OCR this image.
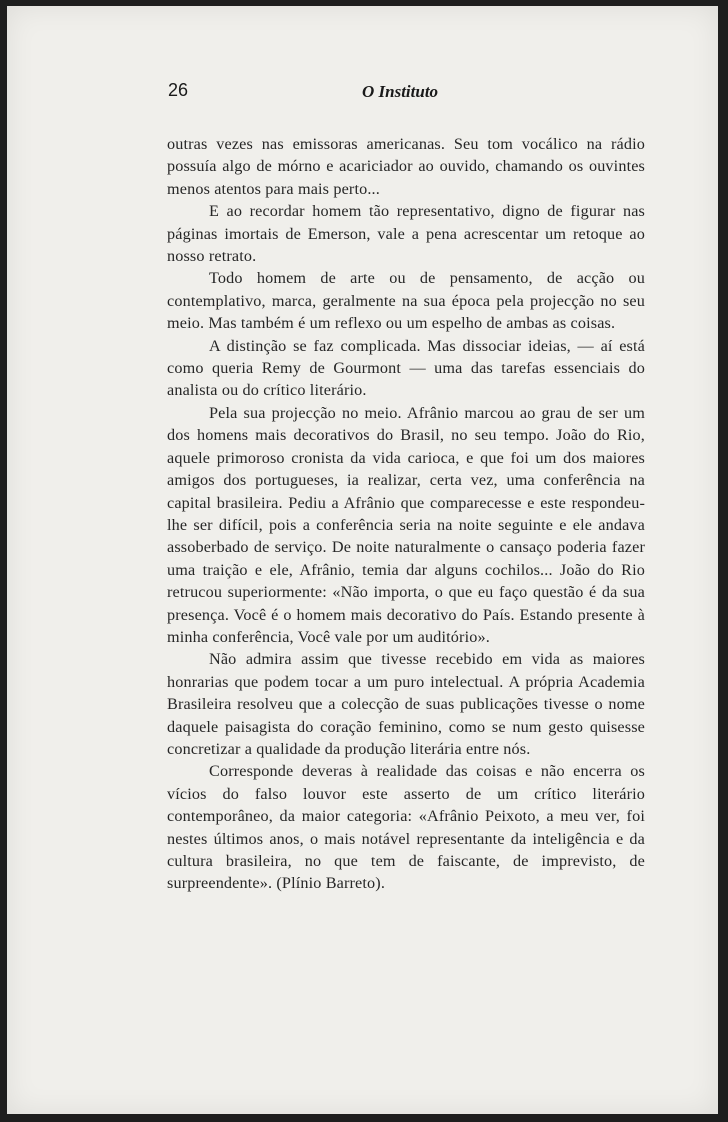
26	O Instituto

outras vezes nas emissoras americanas. Seu tom vocálico na rádio possuía algo de mórno e acariciador ao ouvido, chamando os ouvintes menos atentos para mais perto...

E ao recordar homem tão representativo, digno de figurar nas páginas imortais de Emerson, vale a pena acrescentar um retoque ao nosso retrato.

Todo homem de arte ou de pensamento, de acção ou contemplativo, marca, geralmente na sua época pela projecção no seu meio. Mas também é um reflexo ou um espelho de ambas as coisas.

A distinção se faz complicada. Mas dissociar ideias, — aí está como queria Remy de Gourmont — uma das tarefas essenciais do analista ou do crítico literário.

Pela sua projecção no meio. Afrânio marcou ao grau de ser um dos homens mais decorativos do Brasil, no seu tempo. João do Rio, aquele primoroso cronista da vida carioca, e que foi um dos maiores amigos dos portugueses, ia realizar, certa vez, uma conferência na capital brasileira. Pediu a Afrânio que comparecesse e este respondeu-lhe ser difícil, pois a conferência seria na noite seguinte e ele andava assoberbado de serviço. De noite naturalmente o cansaço poderia fazer uma traição e ele, Afrânio, temia dar alguns cochilos... João do Rio retrucou superiormente: «Não importa, o que eu faço questão é da sua presença. Você é o homem mais decorativo do País. Estando presente à minha conferência, Você vale por um auditório».

Não admira assim que tivesse recebido em vida as maiores honrarias que podem tocar a um puro intelectual. A própria Academia Brasileira resolveu que a colecção de suas publicações tivesse o nome daquele paisagista do coração feminino, como se num gesto quisesse concretizar a qualidade da produção literária entre nós.

Corresponde deveras à realidade das coisas e não encerra os vícios do falso louvor este asserto de um crítico literário contemporâneo, da maior categoria: «Afrânio Peixoto, a meu ver, foi nestes últimos anos, o mais notável representante da inteligência e da cultura brasileira, no que tem de faiscante, de imprevisto, de surpreendente». (Plínio Barreto).
